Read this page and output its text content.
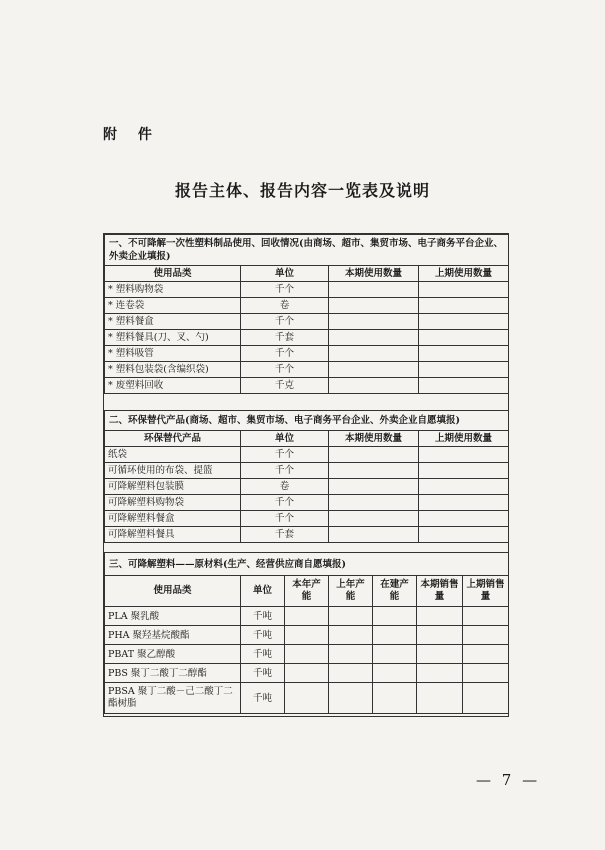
附 件
报告主体、报告内容一览表及说明
一、不可降解一次性塑料制品使用、回收情况(由商场、超市、集贸市场、电子商务平台企业、外卖企业填报)			
使用品类	单位	本期使用数量	上期使用数量
* 塑料购物袋	千个		
* 连卷袋	卷		
* 塑料餐盒	千个		
* 塑料餐具(刀、叉、勺)	千套		
* 塑料吸管	千个		
* 塑料包装袋(含编织袋)	千个		
* 废塑料回收	千克		
二、环保替代产品(商场、超市、集贸市场、电子商务平台企业、外卖企业自愿填报)			
环保替代产品	单位	本期使用数量	上期使用数量
纸袋	千个		
可循环使用的布袋、提篮	千个		
可降解塑料包装膜	卷		
可降解塑料购物袋	千个		
可降解塑料餐盒	千个		
可降解塑料餐具	千套		
三、可降解塑料——原材料(生产、经营供应商自愿填报)						
使用品类	单位	本年产能	上年产能	在建产能	本期销售量	上期销售量
PLA 聚乳酸	千吨					
PHA 聚羟基烷酸酯	千吨					
PBAT 聚乙醇酸	千吨					
PBS 聚丁二酸丁二醇酯	千吨					
PBSA 聚丁二酸－己二酸丁二酯树脂	千吨					
— 7 —
